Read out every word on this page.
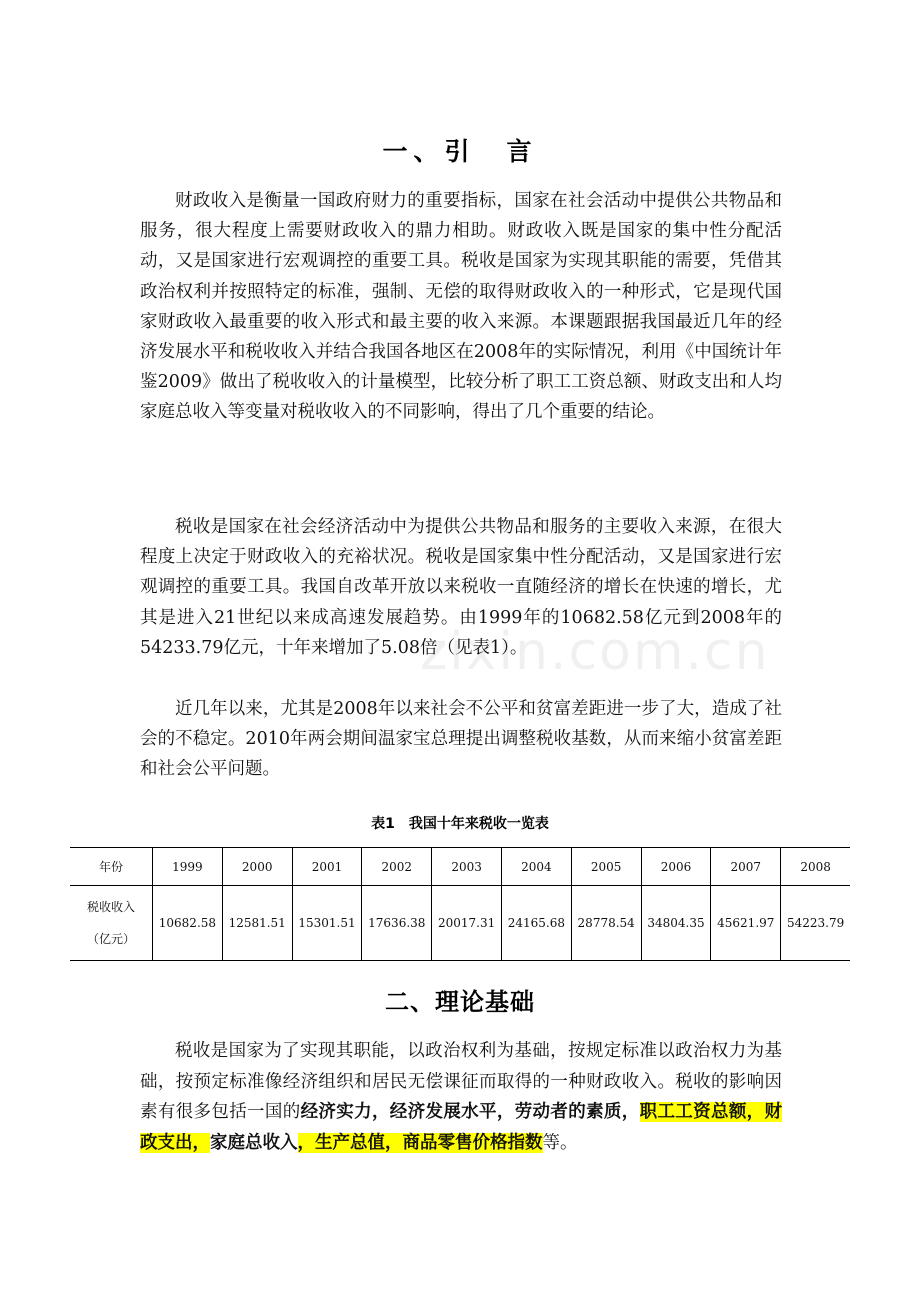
一、引　言

财政收入是衡量一国政府财力的重要指标，国家在社会活动中提供公共物品和服务，很大程度上需要财政收入的鼎力相助。财政收入既是国家的集中性分配活动，又是国家进行宏观调控的重要工具。税收是国家为实现其职能的需要，凭借其政治权利并按照特定的标准，强制、无偿的取得财政收入的一种形式，它是现代国家财政收入最重要的收入形式和最主要的收入来源。本课题跟据我国最近几年的经济发展水平和税收收入并结合我国各地区在2008年的实际情况，利用《中国统计年鉴2009》做出了税收收入的计量模型，比较分析了职工工资总额、财政支出和人均家庭总收入等变量对税收收入的不同影响，得出了几个重要的结论。

税收是国家在社会经济活动中为提供公共物品和服务的主要收入来源，在很大程度上决定于财政收入的充裕状况。税收是国家集中性分配活动，又是国家进行宏观调控的重要工具。我国自改革开放以来税收一直随经济的增长在快速的增长，尤其是进入21世纪以来成高速发展趋势。由1999年的10682.58亿元到2008年的54233.79亿元，十年来增加了5.08倍（见表1）。

近几年以来，尤其是2008年以来社会不公平和贫富差距进一步了大，造成了社会的不稳定。2010年两会期间温家宝总理提出调整税收基数，从而来缩小贫富差距和社会公平问题。

表1 我国十年来税收一览表
年份	1999	2000	2001	2002	2003	2004	2005	2006	2007	2008

税收收入
（亿元）	10682.58	12581.51	15301.51	17636.38	20017.31	24165.68	28778.54	34804.35	45621.97	54223.79
二、理论基础

税收是国家为了实现其职能，以政治权利为基础，按规定标准以政治权力为基础，按预定标准像经济组织和居民无偿课征而取得的一种财政收入。税收的影响因素有很多包括一国的经济实力，经济发展水平，劳动者的素质，职工工资总额，财政支出，家庭总收入，生产总值，商品零售价格指数等。

zixin.com.cn
